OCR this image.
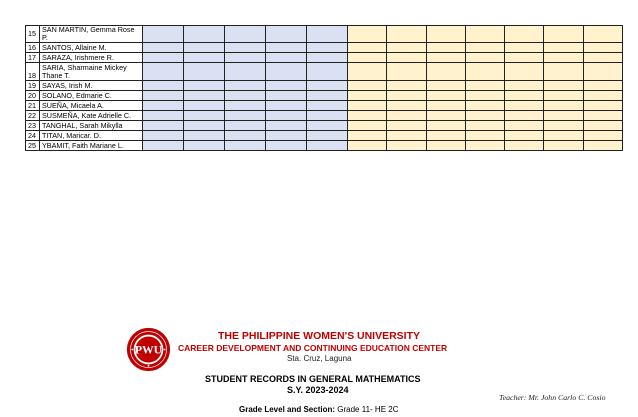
15	SAN MARTIN, Gemma Rose P.												
16	SANTOS, Allaine M.												
17	SARAZA, Irishmere R.												
18	SARIA, Sharmaine Mickey Thane T.												
19	SAYAS, Irish M.												
20	SOLANO, Edmarie C.												
21	SUEÑA, Micaela A.												
22	SUSMEÑA, Kate Adrielle C.												
23	TANGHAL, Sarah Mikylla												
24	TITAN, Maricar. D.												
25	YBAMIT, Faith Mariane L.												
PWU
THE PHILIPPINE WOMEN'S UNIVERSITY
CAREER DEVELOPMENT AND CONTINUING EDUCATION CENTER
Sta. Cruz, Laguna
STUDENT RECORDS IN GENERAL MATHEMATICS
S.Y. 2023-2024
Teacher: Mr. John Carlo C. Cosio
Grade Level and Section: Grade 11- HE 2C
